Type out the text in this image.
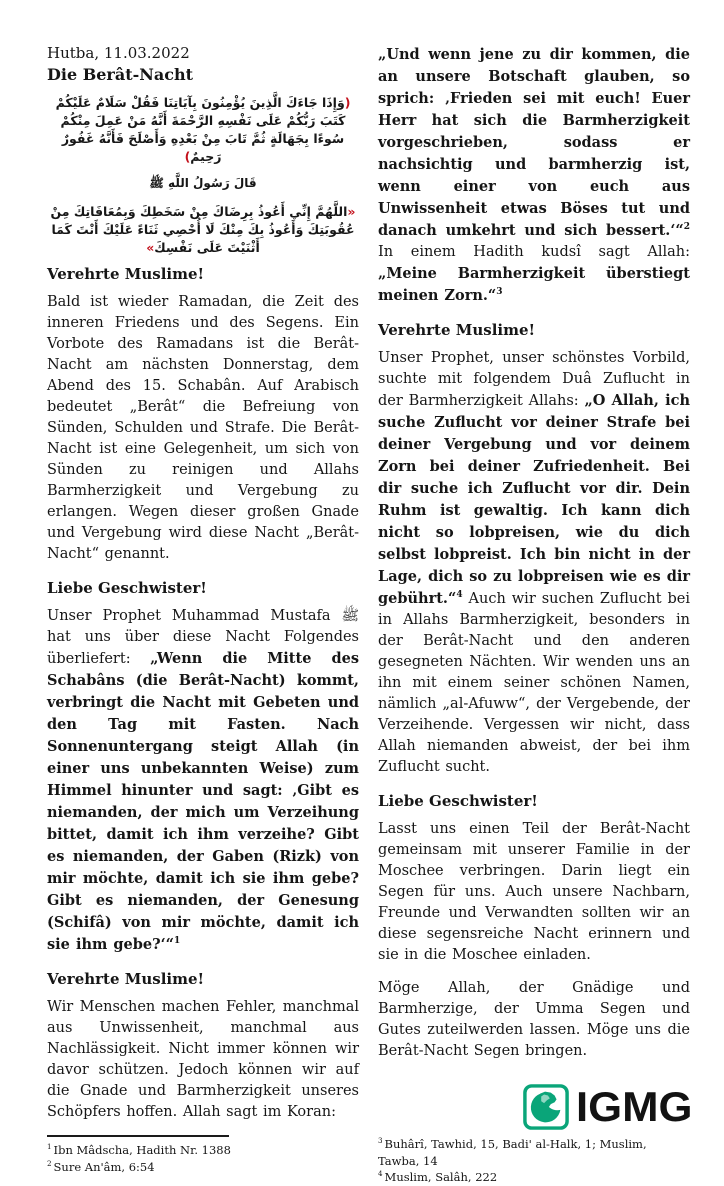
Hutba, 11.03.2022

Die Berât-Nacht

(وَإِذَا جَاءَكَ الَّذِينَ يُؤْمِنُونَ بِآيَاتِنَا فَقُلْ سَلَامٌ عَلَيْكُمْ كَتَبَ رَبُّكُمْ عَلَى نَفْسِهِ الرَّحْمَةَ أَنَّهُ مَنْ عَمِلَ مِنْكُمْ سُوءًا بِجَهَالَةٍ ثُمَّ تَابَ مِنْ بَعْدِهِ وَأَصْلَحَ فَأَنَّهُ غَفُورٌ رَحِيمٌ)
قَالَ رَسُولُ اللَّهِ ﷺ
«اللَّهُمَّ إِنِّي أَعُوذُ بِرِضَاكَ مِنْ سَخَطِكَ وَبِمُعَافَاتِكَ مِنْ عُقُوبَتِكَ وَأَعُوذُ بِكَ مِنْكَ لَا أُحْصِي ثَنَاءً عَلَيْكَ أَنْتَ كَمَا أَثْنَيْتَ عَلَى نَفْسِكَ»
Verehrte Muslime!

Bald ist wieder Ramadan, die Zeit des inneren Friedens und des Segens. Ein Vorbote des Ramadans ist die Berât-Nacht am nächsten Donnerstag, dem Abend des 15. Schabân. Auf Arabisch bedeutet „Berât“ die Befreiung von Sünden, Schulden und Strafe. Die Berât-Nacht ist eine Gelegenheit, um sich von Sünden zu reinigen und Allahs Barmherzigkeit und Vergebung zu erlangen. Wegen dieser großen Gnade und Vergebung wird diese Nacht „Berât-Nacht“ genannt.

Liebe Geschwister!

Unser Prophet Muhammad Mustafa ﷺ hat uns über diese Nacht Folgendes überliefert: „Wenn die Mitte des Schabâns (die Berât-Nacht) kommt, verbringt die Nacht mit Gebeten und den Tag mit Fasten. Nach Sonnenuntergang steigt Allah (in einer uns unbekannten Weise) zum Himmel hinunter und sagt: ‚Gibt es niemanden, der mich um Verzeihung bittet, damit ich ihm verzeihe? Gibt es niemanden, der Gaben (Rizk) von mir möchte, damit ich sie ihm gebe? Gibt es niemanden, der Genesung (Schifâ) von mir möchte, damit ich sie ihm gebe?‘“$^1$

Verehrte Muslime!

Wir Menschen machen Fehler, manchmal aus Unwissenheit, manchmal aus Nachlässigkeit. Nicht immer können wir davor schützen. Jedoch können wir auf die Gnade und Barmherzigkeit unseres Schöpfers hoffen. Allah sagt im Koran:

$^1$ Ibn Mâdscha, Hadith Nr. 1388

$^2$ Sure An'âm, 6:54

„Und wenn jene zu dir kommen, die an unsere Botschaft glauben, so sprich: ‚Frieden sei mit euch! Euer Herr hat sich die Barmherzigkeit vorgeschrieben, sodass er nachsichtig und barmherzig ist, wenn einer von euch aus Unwissenheit etwas Böses tut und danach umkehrt und sich bessert.‘“$^2$ In einem Hadith kudsî sagt Allah: „Meine Barmherzigkeit überstiegt meinen Zorn.“$^3$

Verehrte Muslime!

Unser Prophet, unser schönstes Vorbild, suchte mit folgendem Duâ Zuflucht in der Barmherzigkeit Allahs: „O Allah, ich suche Zuflucht vor deiner Strafe bei deiner Vergebung und vor deinem Zorn bei deiner Zufriedenheit. Bei dir suche ich Zuflucht vor dir. Dein Ruhm ist gewaltig. Ich kann dich nicht so lobpreisen, wie du dich selbst lobpreist. Ich bin nicht in der Lage, dich so zu lobpreisen wie es dir gebührt.“$^4$ Auch wir suchen Zuflucht bei in Allahs Barmherzigkeit, besonders in der Berât-Nacht und den anderen gesegneten Nächten. Wir wenden uns an ihn mit einem seiner schönen Namen, nämlich „al-Afuww“, der Vergebende, der Verzeihende. Vergessen wir nicht, dass Allah niemanden abweist, der bei ihm Zuflucht sucht.

Liebe Geschwister!

Lasst uns einen Teil der Berât-Nacht gemeinsam mit unserer Familie in der Moschee verbringen. Darin liegt ein Segen für uns. Auch unsere Nachbarn, Freunde und Verwandten sollten wir an diese segensreiche Nacht erinnern und sie in die Moschee einladen.

Möge Allah, der Gnädige und Barmherzige, der Umma Segen und Gutes zuteilwerden lassen. Möge uns die Berât-Nacht Segen bringen.

IGMG

$^3$ Buhârî, Tawhid, 15, Badi' al-Halk, 1; Muslim, Tawba, 14

$^4$ Muslim, Salâh, 222
